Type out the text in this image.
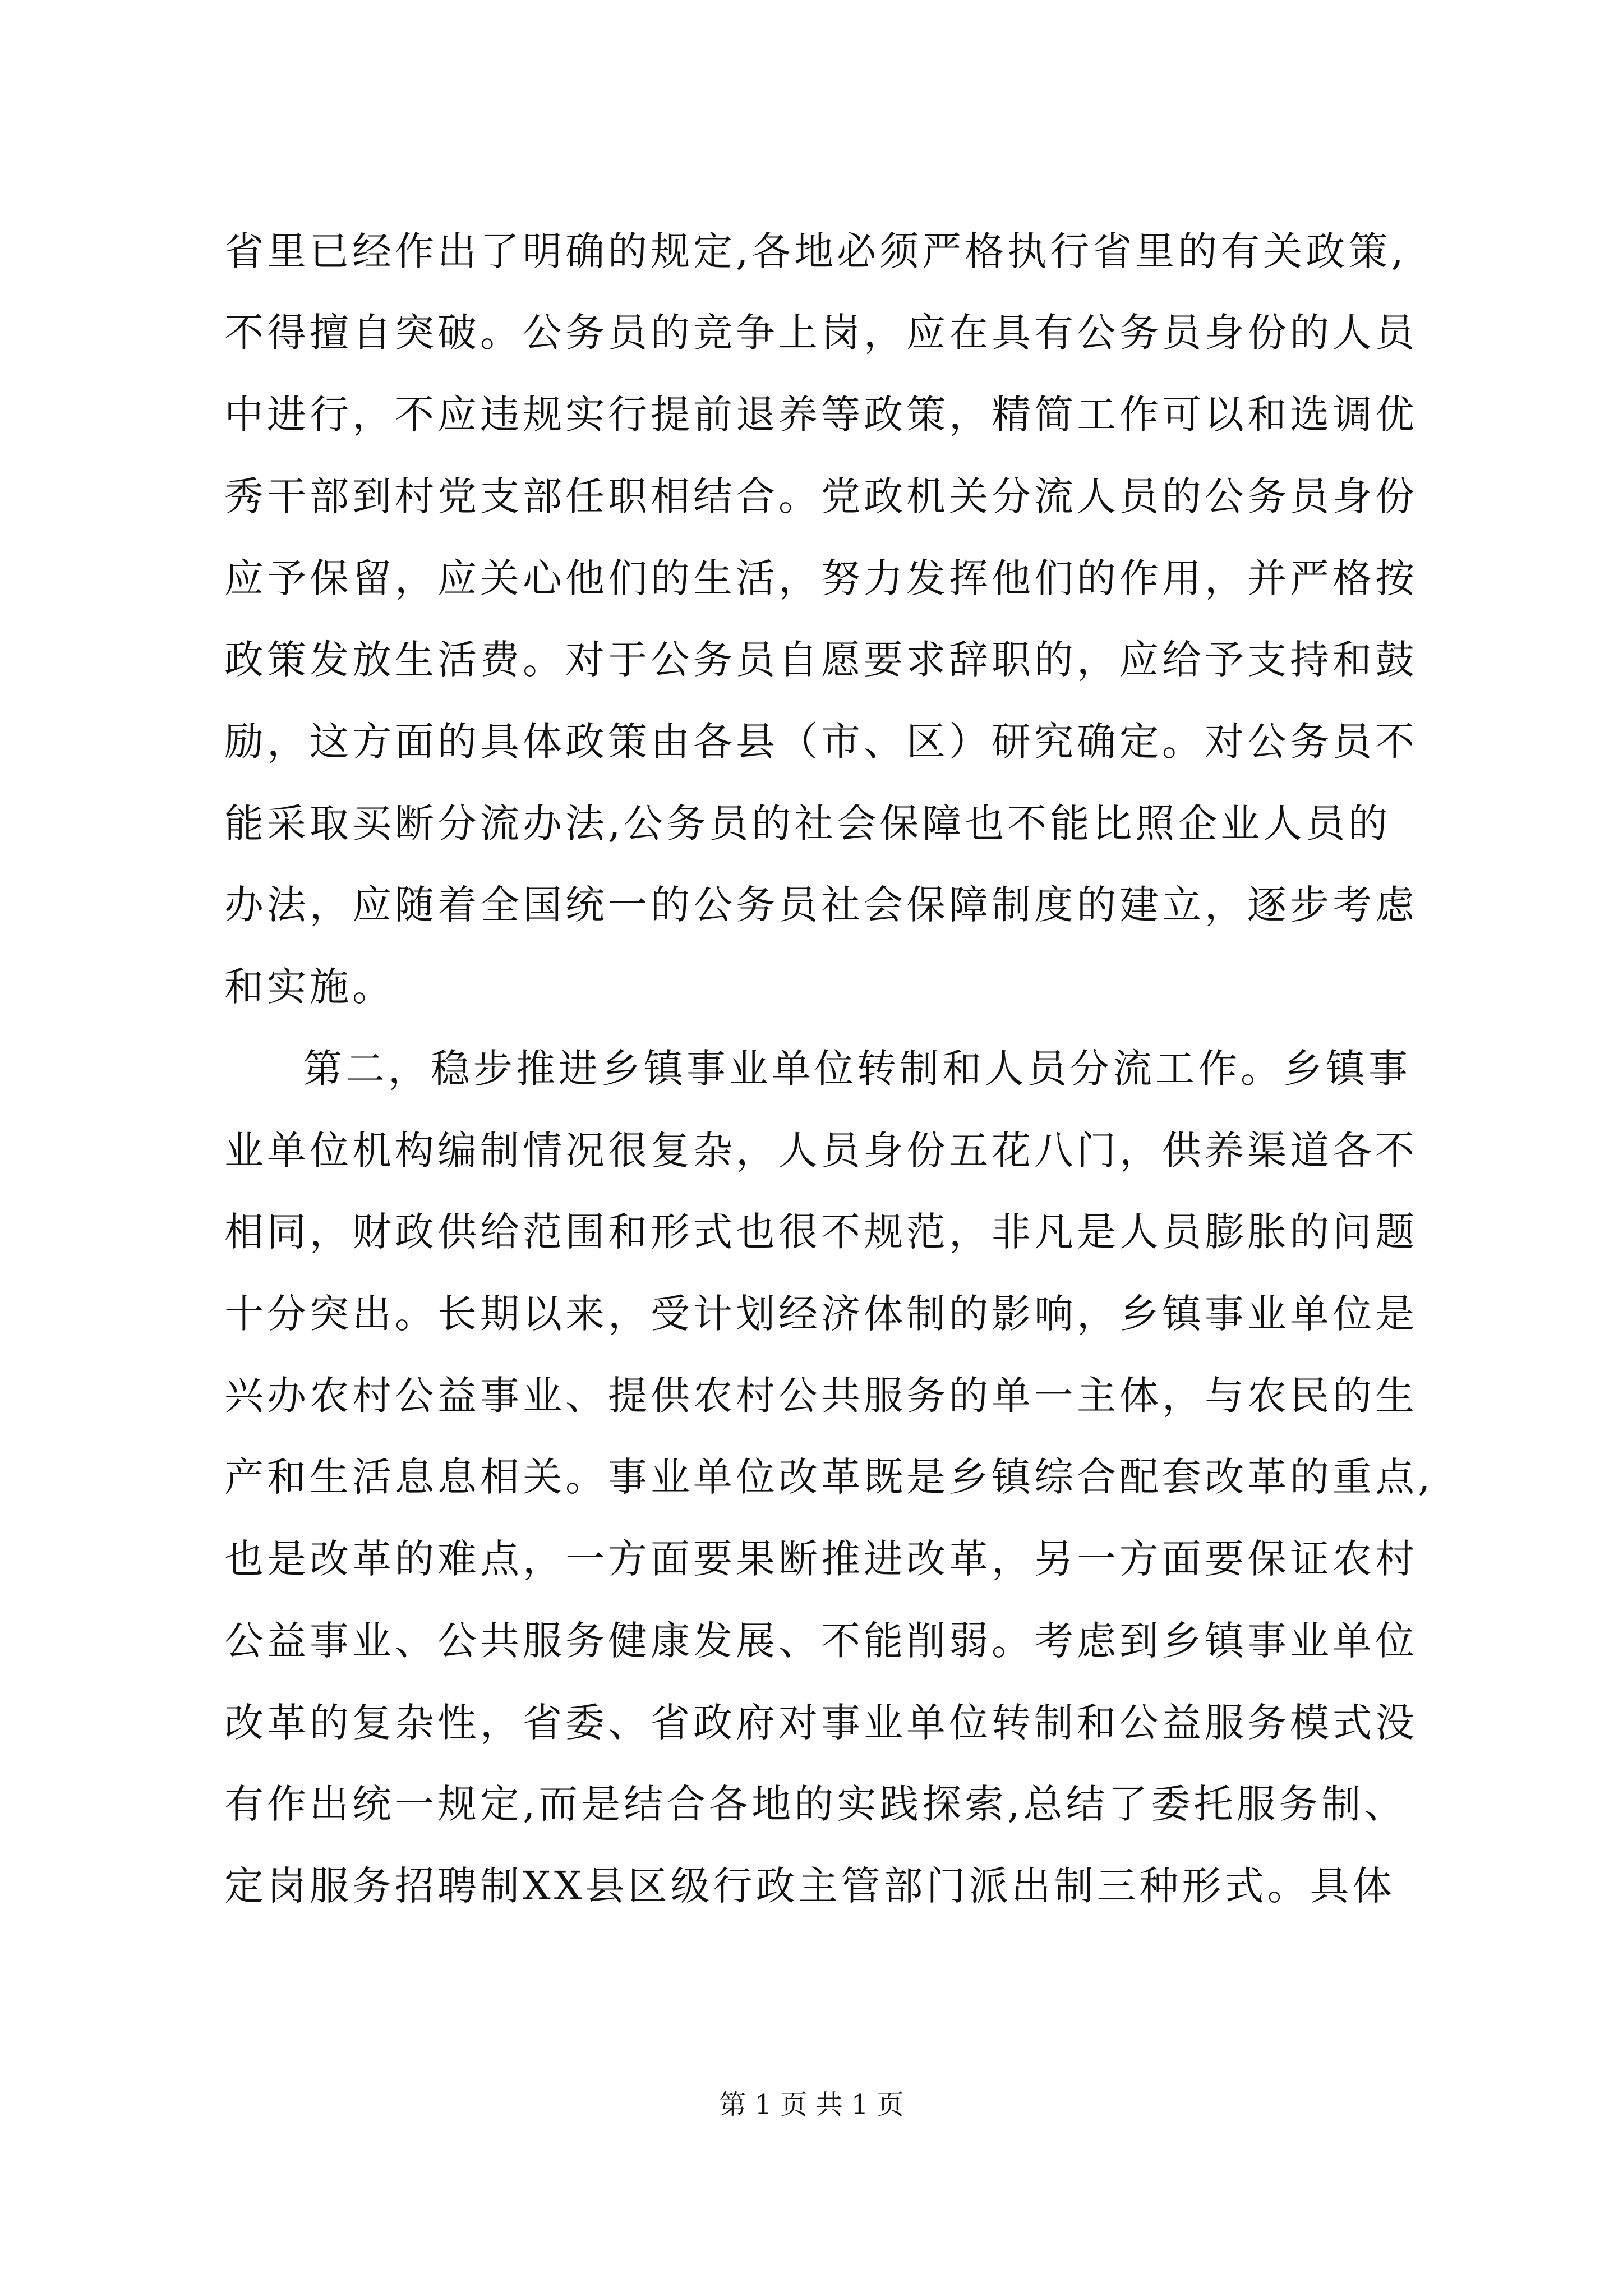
省里已经作出了明确的规定,各地必须严格执行省里的有关政策,
不得擅自突破。公务员的竞争上岗，应在具有公务员身份的人员
中进行，不应违规实行提前退养等政策，精简工作可以和选调优
秀干部到村党支部任职相结合。党政机关分流人员的公务员身份
应予保留，应关心他们的生活，努力发挥他们的作用，并严格按
政策发放生活费。对于公务员自愿要求辞职的，应给予支持和鼓
励，这方面的具体政策由各县（市、区）研究确定。对公务员不
能采取买断分流办法,公务员的社会保障也不能比照企业人员的
办法，应随着全国统一的公务员社会保障制度的建立，逐步考虑
和实施。
第二，稳步推进乡镇事业单位转制和人员分流工作。乡镇事
业单位机构编制情况很复杂，人员身份五花八门，供养渠道各不
相同，财政供给范围和形式也很不规范，非凡是人员膨胀的问题
十分突出。长期以来，受计划经济体制的影响，乡镇事业单位是
兴办农村公益事业、提供农村公共服务的单一主体，与农民的生
产和生活息息相关。事业单位改革既是乡镇综合配套改革的重点,
也是改革的难点，一方面要果断推进改革，另一方面要保证农村
公益事业、公共服务健康发展、不能削弱。考虑到乡镇事业单位
改革的复杂性，省委、省政府对事业单位转制和公益服务模式没
有作出统一规定,而是结合各地的实践探索,总结了委托服务制、
定岗服务招聘制XX县区级行政主管部门派出制三种形式。具体
第 1 页 共 1 页
